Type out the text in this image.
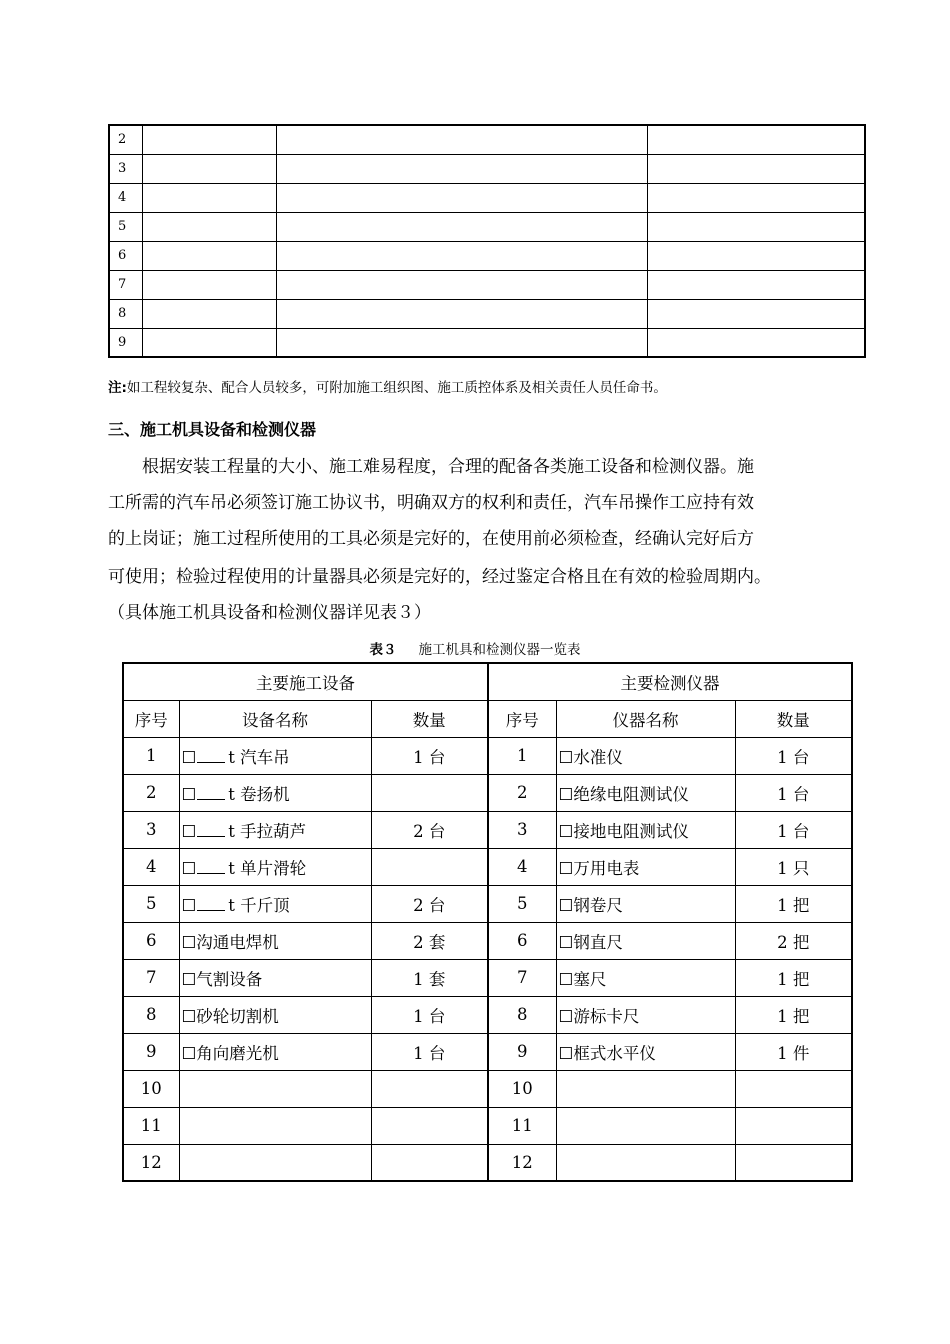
2			
3			
4			
5			
6			
7			
8			
9			
注:如工程较复杂、配合人员较多，可附加施工组织图、施工质控体系及相关责任人员任命书。
三、施工机具设备和检测仪器
　　根据安装工程量的大小、施工难易程度，合理的配备各类施工设备和检测仪器。施
工所需的汽车吊必须签订施工协议书，明确双方的权利和责任，汽车吊操作工应持有效
的上岗证；施工过程所使用的工具必须是完好的，在使用前必须检查，经确认完好后方
可使用；检验过程使用的计量器具必须是完好的，经过鉴定合格且在有效的检验周期内。
（具体施工机具设备和检测仪器详见表３）
表３ 施工机具和检测仪器一览表
主要施工设备			主要检测仪器		
序号	设备名称	数量	序号	仪器名称	数量
1	☐ t 汽车吊	1 台	1	☐水准仪	1 台
2	☐ t 卷扬机		2	☐绝缘电阻测试仪	1 台
3	☐ t 手拉葫芦	2 台	3	☐接地电阻测试仪	1 台
4	☐ t 单片滑轮		4	☐万用电表	1 只
5	☐ t 千斤顶	2 台	5	☐钢卷尺	1 把
6	☐沟通电焊机	2 套	6	☐钢直尺	2 把
7	☐气割设备	1 套	7	☐塞尺	1 把
8	☐砂轮切割机	1 台	8	☐游标卡尺	1 把
9	☐角向磨光机	1 台	9	☐框式水平仪	1 件
10			10		
11			11		
12			12		
